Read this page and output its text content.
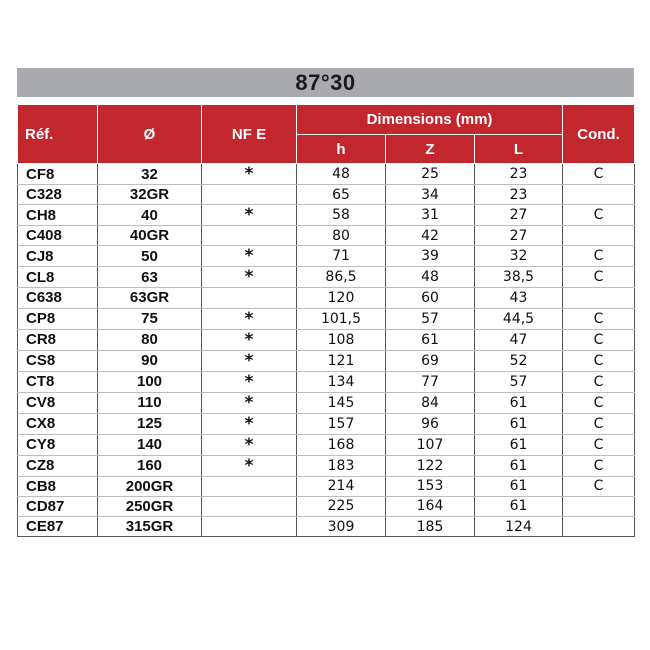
87°30
Réf.	Ø	NF E	Dimensions (mm)			Cond.
			h	Z	L	
CF8	32	*	48	25	23	C
C328	32GR		65	34	23	
CH8	40	*	58	31	27	C
C408	40GR		80	42	27	
CJ8	50	*	71	39	32	C
CL8	63	*	86,5	48	38,5	C
C638	63GR		120	60	43	
CP8	75	*	101,5	57	44,5	C
CR8	80	*	108	61	47	C
CS8	90	*	121	69	52	C
CT8	100	*	134	77	57	C
CV8	110	*	145	84	61	C
CX8	125	*	157	96	61	C
CY8	140	*	168	107	61	C
CZ8	160	*	183	122	61	C
CB8	200GR		214	153	61	C
CD87	250GR		225	164	61	
CE87	315GR		309	185	124	
